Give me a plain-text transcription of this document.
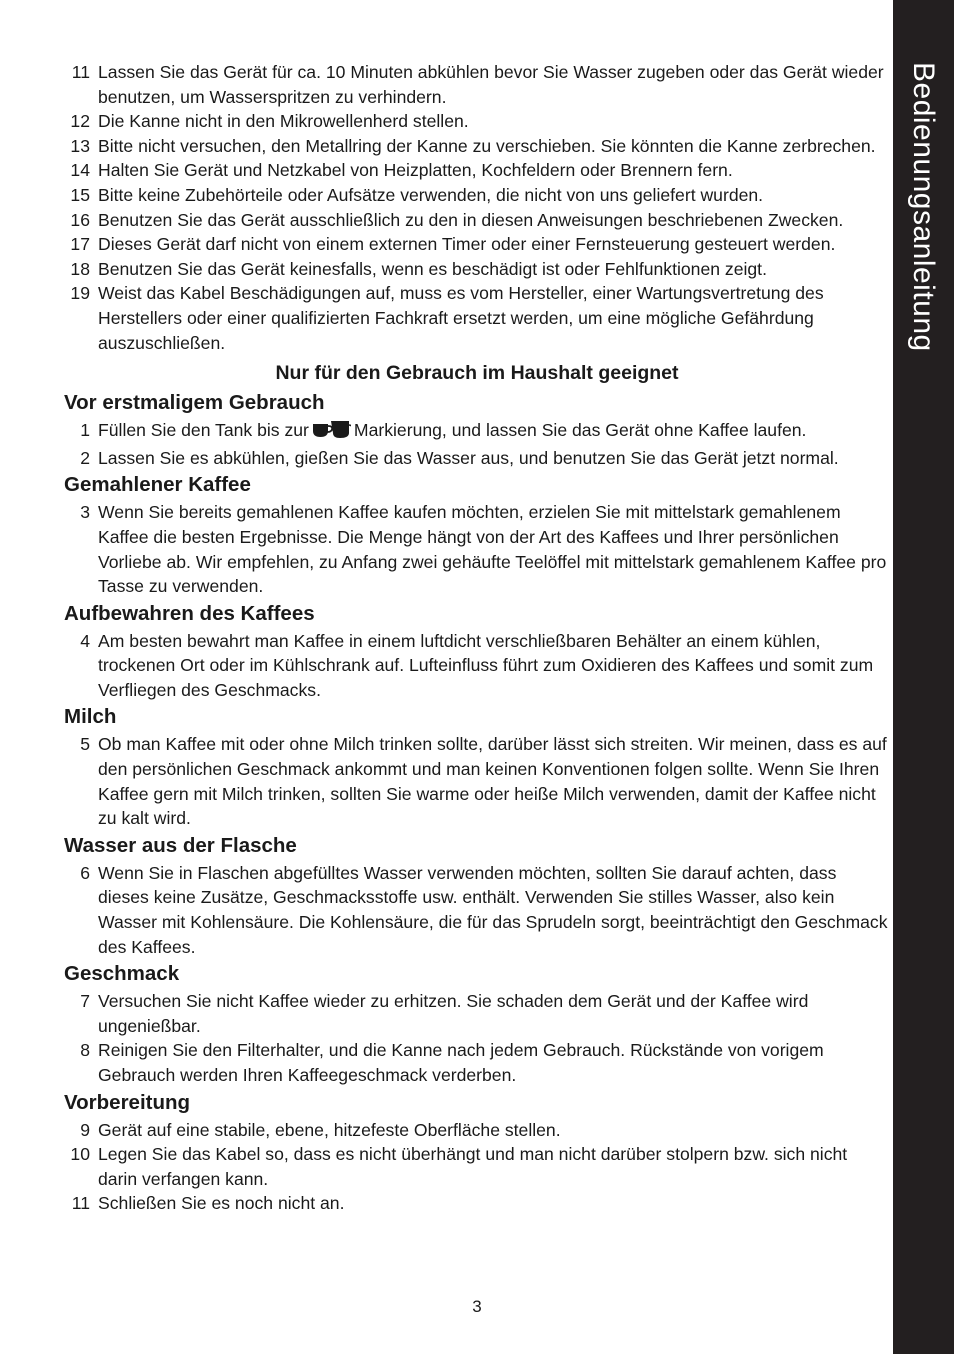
Bedienungsanleitung
11 Lassen Sie das Gerät für ca. 10 Minuten abkühlen bevor Sie Wasser zugeben oder das Gerät wieder benutzen, um Wasserspritzen zu verhindern.
12 Die Kanne nicht in den Mikrowellenherd stellen.
13 Bitte nicht versuchen, den Metallring der Kanne zu verschieben. Sie könnten die Kanne zerbrechen.
14 Halten Sie Gerät und Netzkabel von Heizplatten, Kochfeldern oder Brennern fern.
15 Bitte keine Zubehörteile oder Aufsätze verwenden, die nicht von uns geliefert wurden.
16 Benutzen Sie das Gerät ausschließlich zu den in diesen Anweisungen beschriebenen Zwecken.
17 Dieses Gerät darf nicht von einem externen Timer oder einer Fernsteuerung gesteuert werden.
18 Benutzen Sie das Gerät keinesfalls, wenn es beschädigt ist oder Fehlfunktionen zeigt.
19 Weist das Kabel Beschädigungen auf, muss es vom Hersteller, einer Wartungsvertretung des Herstellers oder einer qualifizierten Fachkraft ersetzt werden, um eine mögliche Gefährdung auszuschließen.
Nur für den Gebrauch im Haushalt geeignet
Vor erstmaligem Gebrauch
1 Füllen Sie den Tank bis zur	Markierung, und lassen Sie das Gerät ohne Kaffee laufen.
2 Lassen Sie es abkühlen, gießen Sie das Wasser aus, und benutzen Sie das Gerät jetzt normal.
Gemahlener Kaffee
3 Wenn Sie bereits gemahlenen Kaffee kaufen möchten, erzielen Sie mit mittelstark gemahlenem Kaffee die besten Ergebnisse. Die Menge hängt von der Art des Kaffees und Ihrer persönlichen Vorliebe ab. Wir empfehlen, zu Anfang zwei gehäufte Teelöffel mit mittelstark gemahlenem Kaffee pro Tasse zu verwenden.
Aufbewahren des Kaffees
4 Am besten bewahrt man Kaffee in einem luftdicht verschließbaren Behälter an einem kühlen, trockenen Ort oder im Kühlschrank auf. Lufteinfluss führt zum Oxidieren des Kaffees und somit zum Verfliegen des Geschmacks.
Milch
5 Ob man Kaffee mit oder ohne Milch trinken sollte, darüber lässt sich streiten. Wir meinen, dass es auf den persönlichen Geschmack ankommt und man keinen Konventionen folgen sollte. Wenn Sie Ihren Kaffee gern mit Milch trinken, sollten Sie warme oder heiße Milch verwenden, damit der Kaffee nicht zu kalt wird.
Wasser aus der Flasche
6 Wenn Sie in Flaschen abgefülltes Wasser verwenden möchten, sollten Sie darauf achten, dass dieses keine Zusätze, Geschmacksstoffe usw. enthält. Verwenden Sie stilles Wasser, also kein Wasser mit Kohlensäure. Die Kohlensäure, die für das Sprudeln sorgt, beeinträchtigt den Geschmack des Kaffees.
Geschmack
7 Versuchen Sie nicht Kaffee wieder zu erhitzen. Sie schaden dem Gerät und der Kaffee wird ungenießbar.
8 Reinigen Sie den Filterhalter, und die Kanne nach jedem Gebrauch. Rückstände von vorigem Gebrauch werden Ihren Kaffeegeschmack verderben.
Vorbereitung
9 Gerät auf eine stabile, ebene, hitzefeste Oberfläche stellen.
10 Legen Sie das Kabel so, dass es nicht überhängt und man nicht darüber stolpern bzw. sich nicht darin verfangen kann.
11 Schließen Sie es noch nicht an.
3
